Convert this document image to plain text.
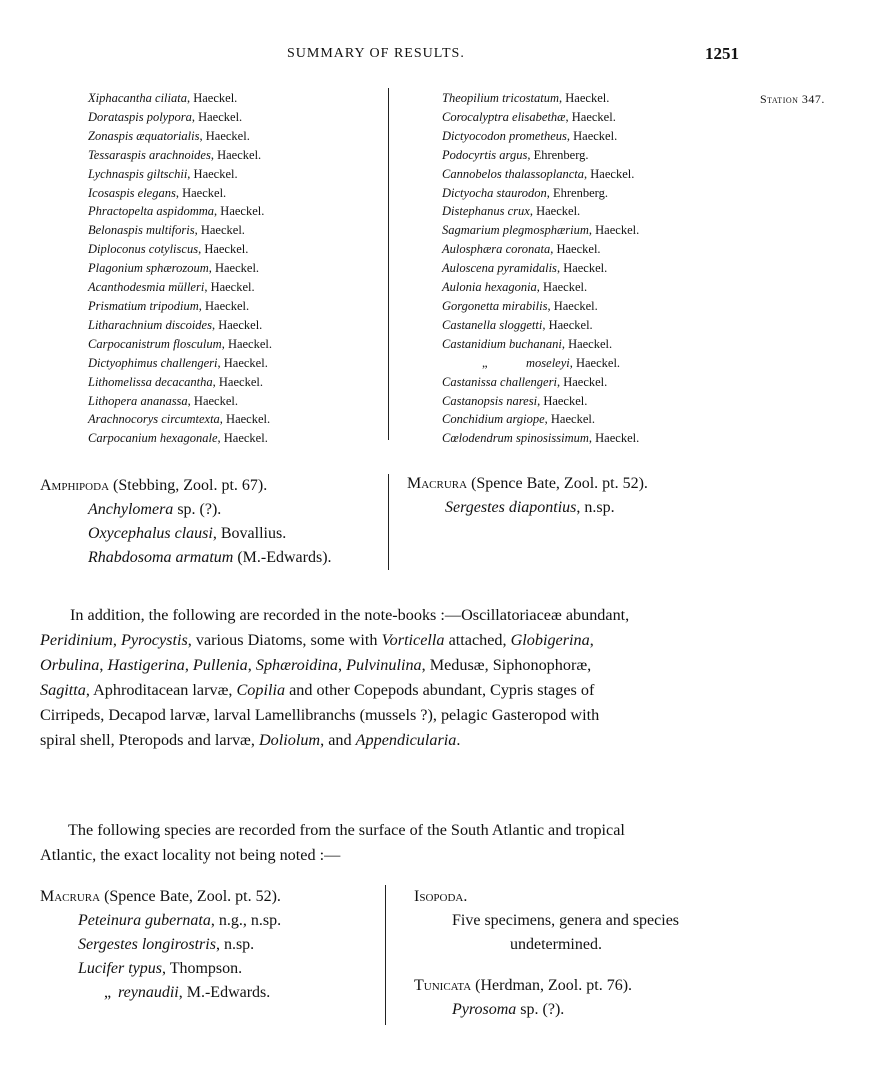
SUMMARY OF RESULTS.	1251
Station 347.
Xiphacantha ciliata, Haeckel.
Dorataspis polypora, Haeckel.
Zonaspis æquatorialis, Haeckel.
Tessaraspis arachnoides, Haeckel.
Lychnaspis giltschii, Haeckel.
Icosaspis elegans, Haeckel.
Phractopelta aspidomma, Haeckel.
Belonaspis multiforis, Haeckel.
Diploconus cotyliscus, Haeckel.
Plagonium sphærozoum, Haeckel.
Acanthodesmia mülleri, Haeckel.
Prismatium tripodium, Haeckel.
Litharachnium discoides, Haeckel.
Carpocanistrum flosculum, Haeckel.
Dictyophimus challengeri, Haeckel.
Lithomelissa decacantha, Haeckel.
Lithopera ananassa, Haeckel.
Arachnocorys circumtexta, Haeckel.
Carpocanium hexagonale, Haeckel.
Theopilium tricostatum, Haeckel.
Corocalyptra elisabethæ, Haeckel.
Dictyocodon prometheus, Haeckel.
Podocyrtis argus, Ehrenberg.
Cannobelos thalassoplancta, Haeckel.
Dictyocha staurodon, Ehrenberg.
Distephanus crux, Haeckel.
Sagmarium plegmosphærium, Haeckel.
Aulosphæra coronata, Haeckel.
Auloscena pyramidalis, Haeckel.
Aulonia hexagonia, Haeckel.
Gorgonetta mirabilis, Haeckel.
Castanella sloggetti, Haeckel.
Castanidium buchanani, Haeckel.
„	moseleyi, Haeckel.
Castanissa challengeri, Haeckel.
Castanopsis naresi, Haeckel.
Conchidium argiope, Haeckel.
Cœlodendrum spinosissimum, Haeckel.
Amphipoda (Stebbing, Zool. pt. 67).
Anchylomera sp. (?).
Oxycephalus clausi, Bovallius.
Rhabdosoma armatum (M.-Edwards).
Macrura (Spence Bate, Zool. pt. 52).
Sergestes diapontius, n.sp.
In addition, the following are recorded in the note-books :—Oscillatoriaceæ abundant,
Peridinium, Pyrocystis, various Diatoms, some with Vorticella attached, Globigerina,
Orbulina, Hastigerina, Pullenia, Sphæroidina, Pulvinulina, Medusæ, Siphonophoræ,
Sagitta, Aphroditacean larvæ, Copilia and other Copepods abundant, Cypris stages of
Cirripeds, Decapod larvæ, larval Lamellibranchs (mussels ?), pelagic Gasteropod with
spiral shell, Pteropods and larvæ, Doliolum, and Appendicularia.
The following species are recorded from the surface of the South Atlantic and tropical
Atlantic, the exact locality not being noted :—
Macrura (Spence Bate, Zool. pt. 52).
Peteinura gubernata, n.g., n.sp.
Sergestes longirostris, n.sp.
Lucifer typus, Thompson.
„ reynaudii, M.-Edwards.
Isopoda.
Five specimens, genera and species
undetermined.
Tunicata (Herdman, Zool. pt. 76).
Pyrosoma sp. (?).
